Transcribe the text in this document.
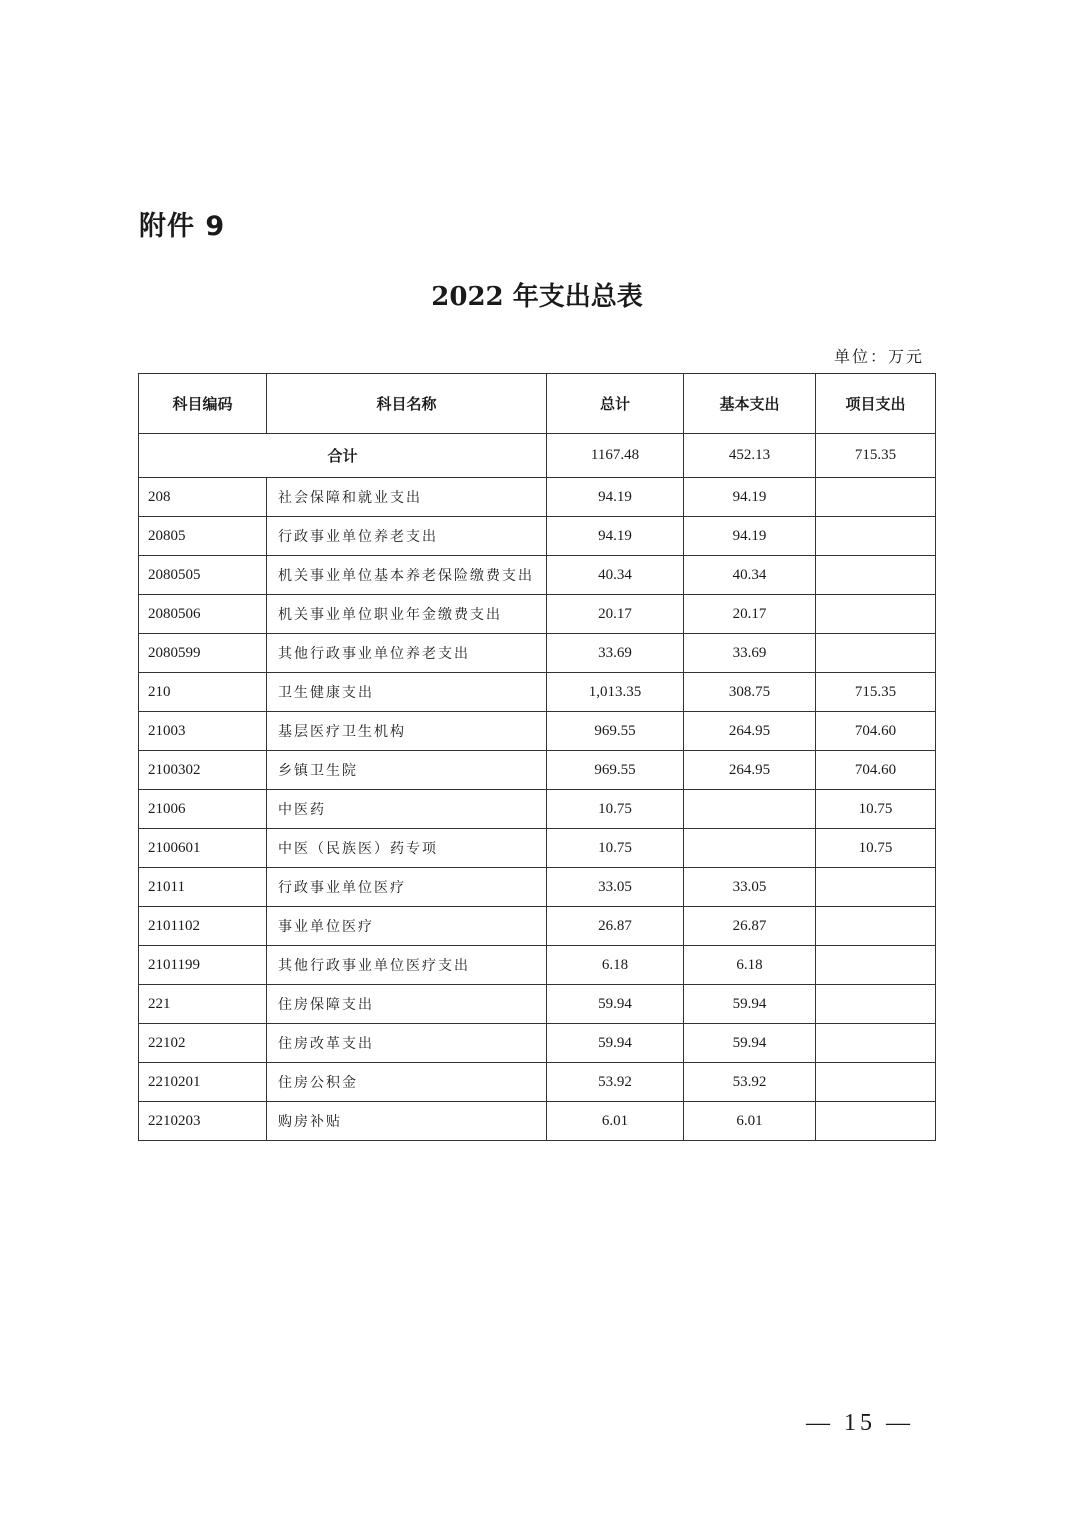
附件 9
2022 年支出总表
单位：万元
科目编码	科目名称	总计	基本支出	项目支出
合计		1167.48	452.13	715.35
208	社会保障和就业支出	94.19	94.19	
20805	行政事业单位养老支出	94.19	94.19	
2080505	机关事业单位基本养老保险缴费支出	40.34	40.34	
2080506	机关事业单位职业年金缴费支出	20.17	20.17	
2080599	其他行政事业单位养老支出	33.69	33.69	
210	卫生健康支出	1,013.35	308.75	715.35
21003	基层医疗卫生机构	969.55	264.95	704.60
2100302	乡镇卫生院	969.55	264.95	704.60
21006	中医药	10.75		10.75
2100601	中医（民族医）药专项	10.75		10.75
21011	行政事业单位医疗	33.05	33.05	
2101102	事业单位医疗	26.87	26.87	
2101199	其他行政事业单位医疗支出	6.18	6.18	
221	住房保障支出	59.94	59.94	
22102	住房改革支出	59.94	59.94	
2210201	住房公积金	53.92	53.92	
2210203	购房补贴	6.01	6.01	
— 15 —
